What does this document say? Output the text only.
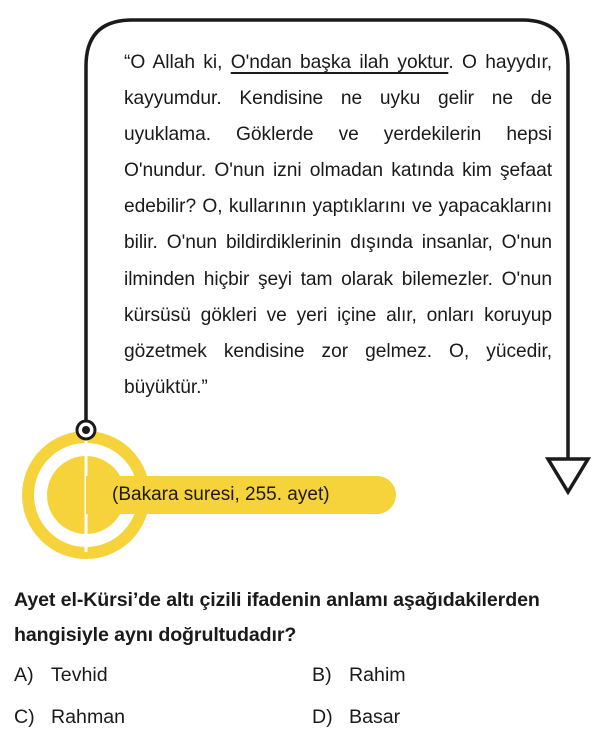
“O Allah ki, O'ndan başka ilah yoktur. O hayydır, kayyumdur. Kendisine ne uyku gelir ne de uyuklama. Göklerde ve yerdekilerin hepsi O'nundur. O'nun izni olmadan katında kim şefaat edebilir? O, kullarının yaptıklarını ve yapacaklarını bilir. O'nun bildirdiklerinin dışında insanlar, O'nun ilminden hiçbir şeyi tam olarak bilemezler. O'nun kürsüsü gökleri ve yeri içine alır, onları koruyup gözetmek kendisine zor gelmez. O, yücedir, büyüktür.”
(Bakara suresi, 255. ayet)
Ayet el-Kürsi’de altı çizili ifadenin anlamı aşağıdakilerden hangisiyle aynı doğrultudadır?
A) Tevhid	B) Rahim
C) Rahman	D) Basar
